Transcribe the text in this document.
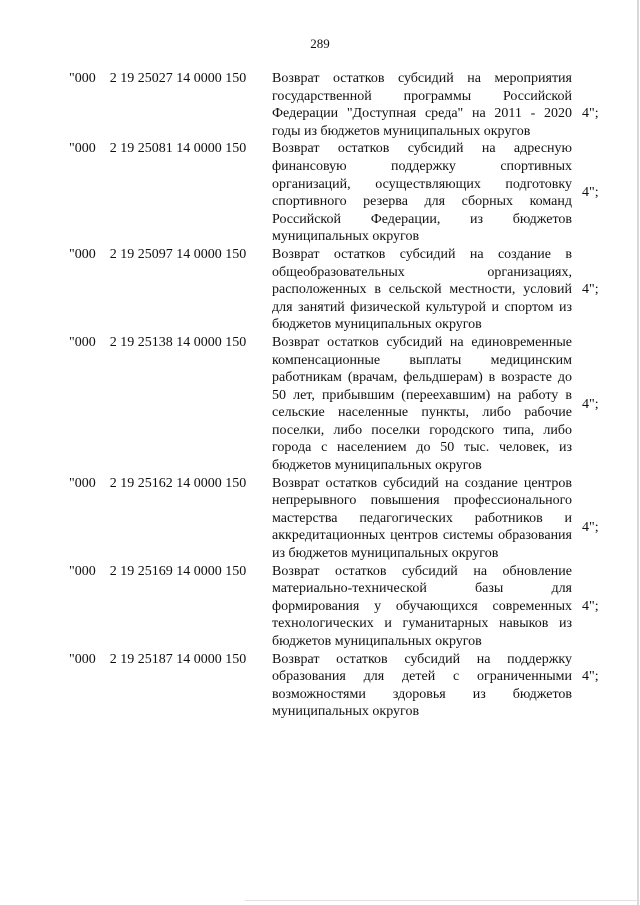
289
"000 2 19 25027 14 0000 150 Возврат остатков субсидий на мероприятия государственной программы Российской Федерации "Доступная среда" на 2011 - 2020 годы из бюджетов муниципальных округов
4";
"000 2 19 25081 14 0000 150 Возврат остатков субсидий на адресную финансовую поддержку спортивных организаций, осуществляющих подготовку спортивного резерва для сборных команд Российской Федерации, из бюджетов муниципальных округов
4";
"000 2 19 25097 14 0000 150 Возврат остатков субсидий на создание в общеобразовательных организациях, расположенных в сельской местности, условий для занятий физической культурой и спортом из бюджетов муниципальных округов
4";
"000 2 19 25138 14 0000 150 Возврат остатков субсидий на единовременные компенсационные выплаты медицинским работникам (врачам, фельдшерам) в возрасте до 50 лет, прибывшим (переехавшим) на работу в сельские населенные пункты, либо рабочие поселки, либо поселки городского типа, либо города с населением до 50 тыс. человек, из бюджетов муниципальных округов
4";
"000 2 19 25162 14 0000 150 Возврат остатков субсидий на создание центров непрерывного повышения профессионального мастерства педагогических работников и аккредитационных центров системы образования из бюджетов муниципальных округов
4";
"000 2 19 25169 14 0000 150 Возврат остатков субсидий на обновление материально-технической базы для формирования у обучающихся современных технологических и гуманитарных навыков из бюджетов муниципальных округов
4";
"000 2 19 25187 14 0000 150 Возврат остатков субсидий на поддержку образования для детей с ограниченными возможностями здоровья из бюджетов муниципальных округов
4";
